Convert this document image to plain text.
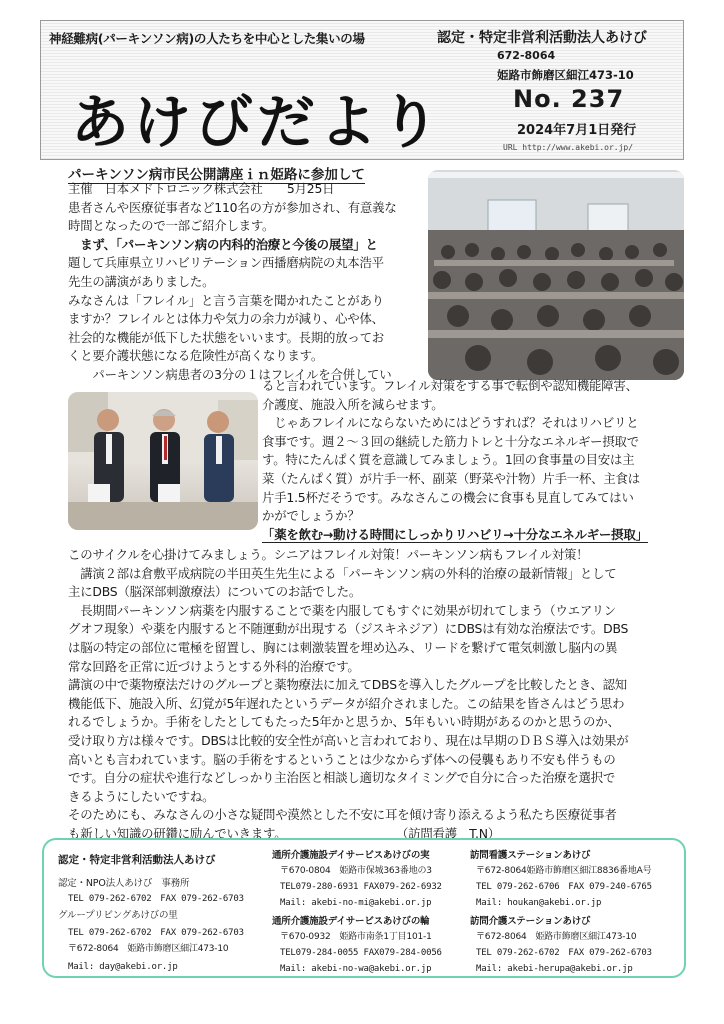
神経難病(パーキンソン病)の人たちを中心とした集いの場
あけびだより
認定・特定非営利活動法人あけび
672-8064
姫路市飾磨区細江473-10
No. 237
2024年7月1日発行
URL http://www.akebi.or.jp/
パーキンソン病市民公開講座ｉｎ姫路に参加して
主催　日本メドトロニック株式会社　　5月25日
患者さんや医療従事者など110名の方が参加され、有意義な
時間となったので一部ご紹介します。
　まず、「パーキンソン病の内科的治療と今後の展望」と
題して兵庫県立リハビリテーション西播磨病院の丸本浩平
先生の講演がありました。
みなさんは「フレイル」と言う言葉を聞かれたことがあり
ますか？フレイルとは体力や気力の余力が減り、心や体、
社会的な機能が低下した状態をいいます。長期的放ってお
くと要介護状態になる危険性が高くなります。
　　パーキンソン病患者の3分の１はフレイルを合併してい
ると言われています。フレイル対策をする事で転倒や認知機能障害、
介護度、施設入所を減らせます。
　じゃあフレイルにならないためにはどうすれば？それはリハビリと
食事です。週２～３回の継続した筋力トレと十分なエネルギー摂取で
す。特にたんぱく質を意識してみましょう。1回の食事量の目安は主
菜（たんぱく質）が片手一杯、副菜（野菜や汁物）片手一杯、主食は
片手1.5杯だそうです。みなさんこの機会に食事も見直してみてはい
かがでしょうか？
「薬を飲む→動ける時間にしっかりリハビリ→十分なエネルギー摂取」
このサイクルを心掛けてみましょう。シニアはフレイル対策！パーキンソン病もフレイル対策！
　講演２部は倉敷平成病院の半田英生先生による「パーキンソン病の外科的治療の最新情報」として
主にDBS（脳深部刺激療法）についてのお話でした。
　長期間パーキンソン病薬を内服することで薬を内服してもすぐに効果が切れてしまう（ウエアリン
グオフ現象）や薬を内服すると不随運動が出現する（ジスキネジア）にDBSは有効な治療法です。DBS
は脳の特定の部位に電極を留置し、胸には刺激装置を埋め込み、リードを繋げて電気刺激し脳内の異
常な回路を正常に近づけようとする外科的治療です。
講演の中で薬物療法だけのグループと薬物療法に加えてDBSを導入したグループを比較したとき、認知
機能低下、施設入所、幻覚が5年遅れたというデータが紹介されました。この結果を皆さんはどう思わ
れるでしょうか。手術をしたとしてもたった5年かと思うか、5年もいい時期があるのかと思うのか、
受け取り方は様々です。DBSは比較的安全性が高いと言われており、現在は早期のＤＢＳ導入は効果が
高いとも言われています。脳の手術をするということは少なからず体への侵襲もあり不安も伴うもの
です。自分の症状や進行などしっかり主治医と相談し適切なタイミングで自分に合った治療を選択で
きるようにしたいですね。
そのためにも、みなさんの小さな疑問や漠然とした不安に耳を傾け寄り添えるよう私たち医療従事者
も新しい知識の研鑽に励んでいきます。　　　　　　　　　　（訪問看護　T.N）
認定・特定非営利活動法人あけび
認定・NPO法人あけび　事務所
TEL 079-262-6702　FAX 079-262-6703
グループリビングあけびの里
TEL 079-262-6702　FAX 079-262-6703
〒672-8064　姫路市飾磨区細江473-10
Mail: day@akebi.or.jp
通所介護施設デイサービスあけびの実
〒670-0804　姫路市保城363番地の3
TEL079-280-6931 FAX079-262-6932
Mail: akebi-no-mi@akebi.or.jp
通所介護施設デイサービスあけびの輪
〒670-0932　姫路市南条1丁目101-1
TEL079-284-0055 FAX079-284-0056
Mail: akebi-no-wa@akebi.or.jp
訪問看護ステーションあけび
〒672-8064姫路市飾磨区細江8836番地A号
TEL 079-262-6706　FAX 079-240-6765
Mail: houkan@akebi.or.jp
訪問介護ステーションあけび
〒672-8064　姫路市飾磨区細江473-10
TEL 079-262-6702　FAX 079-262-6703
Mail: akebi-herupa@akebi.or.jp
